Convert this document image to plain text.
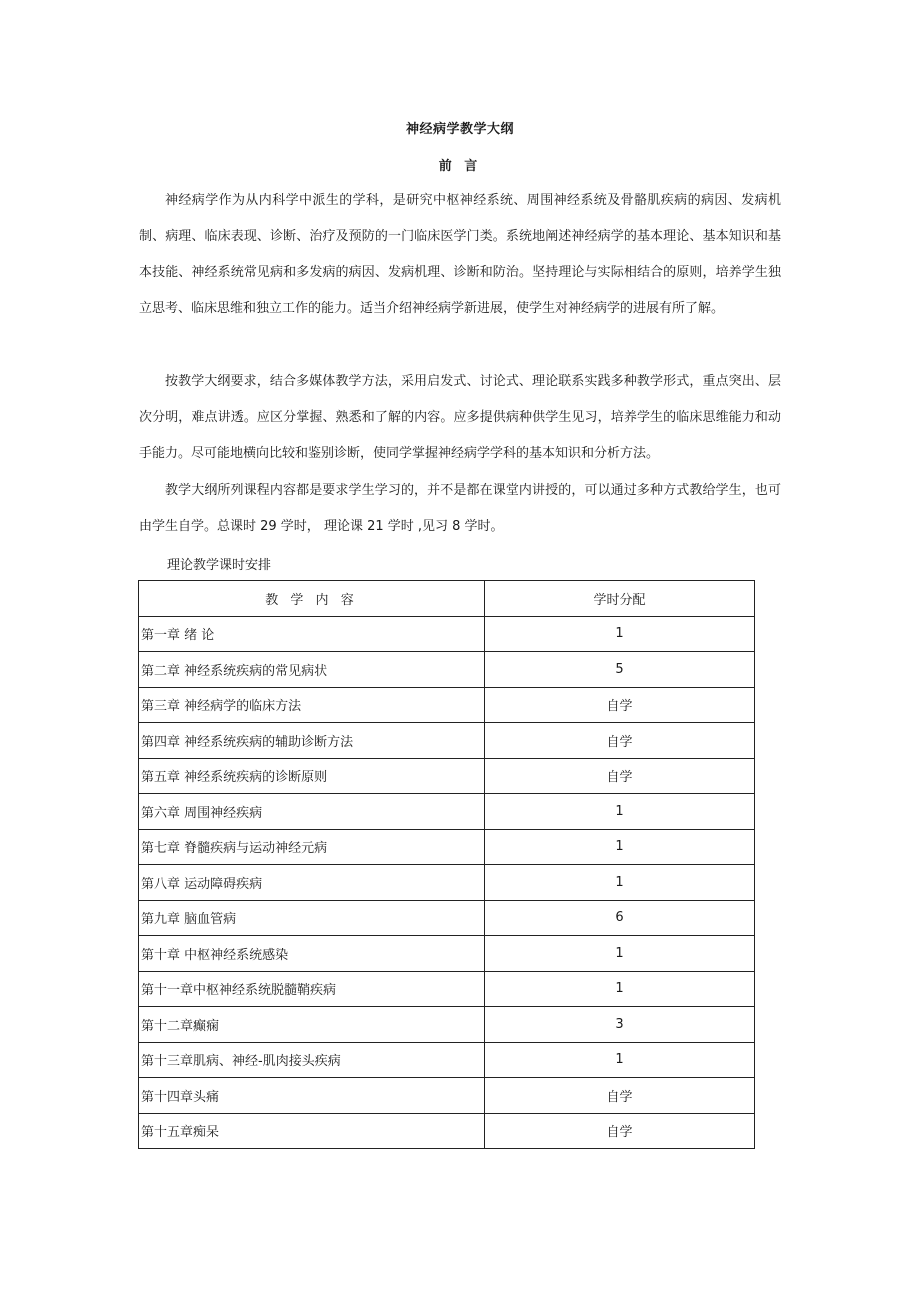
神经病学教学大纲
前 言

神经病学作为从内科学中派生的学科，是研究中枢神经系统、周围神经系统及骨骼肌疾病的病因、发病机制、病理、临床表现、诊断、治疗及预防的一门临床医学门类。系统地阐述神经病学的基本理论、基本知识和基本技能、神经系统常见病和多发病的病因、发病机理、诊断和防治。坚持理论与实际相结合的原则，培养学生独立思考、临床思维和独立工作的能力。适当介绍神经病学新进展，使学生对神经病学的进展有所了解。

按教学大纲要求，结合多媒体教学方法，采用启发式、讨论式、理论联系实践多种教学形式，重点突出、层次分明，难点讲透。应区分掌握、熟悉和了解的内容。应多提供病种供学生见习，培养学生的临床思维能力和动手能力。尽可能地横向比较和鉴别诊断，使同学掌握神经病学学科的基本知识和分析方法。

教学大纲所列课程内容都是要求学生学习的，并不是都在课堂内讲授的，可以通过多种方式教给学生，也可由学生自学。总课时 29 学时， 理论课 21 学时 ,见习 8 学时。

理论教学课时安排
教 学 内 容	学时分配
第一章 绪 论	1
第二章 神经系统疾病的常见病状	5
第三章 神经病学的临床方法	自学
第四章 神经系统疾病的辅助诊断方法	自学
第五章 神经系统疾病的诊断原则	自学
第六章 周围神经疾病	1
第七章 脊髓疾病与运动神经元病	1
第八章 运动障碍疾病	1
第九章 脑血管病	6
第十章 中枢神经系统感染	1
第十一章中枢神经系统脱髓鞘疾病	1
第十二章癫痫	3
第十三章肌病、神经-肌肉接头疾病	1
第十四章头痛	自学
第十五章痴呆	自学
